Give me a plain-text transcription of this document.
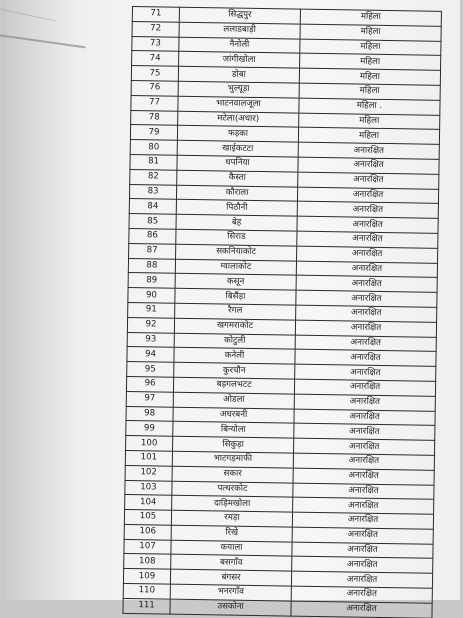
71	सिद्धपुर	महिला
72	ललाडबाड़ी	महिला
73	नैनोली	महिला
74	जांगीखोला	महिला
75	डोबा	महिला
76	भुल्यूड़ा	महिला
77	भाटनवालजूला	महिला .
78	मटेला(अधार)	महिला
79	फड़का	महिला
80	खाईकटटा	अनारक्षित
81	धपनिया	अनारक्षित
82	कैस्ता	अनारक्षित
83	कौराला	अनारक्षित
84	पिठौनी	अनारक्षित
85	बेह	अनारक्षित
86	सिराड	अनारक्षित
87	सकनियाकोट	अनारक्षित
88	ग्वालाकोट	अनारक्षित
89	कसून	अनारक्षित
90	बिसैंड़ा	अनारक्षित
91	रैगल	अनारक्षित
92	खगमराकोट	अनारक्षित
93	कोटुली	अनारक्षित
94	कनेली	अनारक्षित
95	कुरचौन	अनारक्षित
96	बड़गलभटट	अनारक्षित
97	ओडला	अनारक्षित
98	अधरबनी	अनारक्षित
99	बिन्योला	अनारक्षित
100	सिकुड़ा	अनारक्षित
101	भाटगड़माफी	अनारक्षित
102	सकार	अनारक्षित
103	पत्थरकोट	अनारक्षित
104	दाड़िमखोला	अनारक्षित
105	रमड़ा	अनारक्षित
106	रिखे	अनारक्षित
107	कयाला	अनारक्षित
108	बसगाँव	अनारक्षित
109	बंगसर	अनारक्षित
110	भनरगाँव	अनारक्षित
111	उसकोना	अनारक्षित
